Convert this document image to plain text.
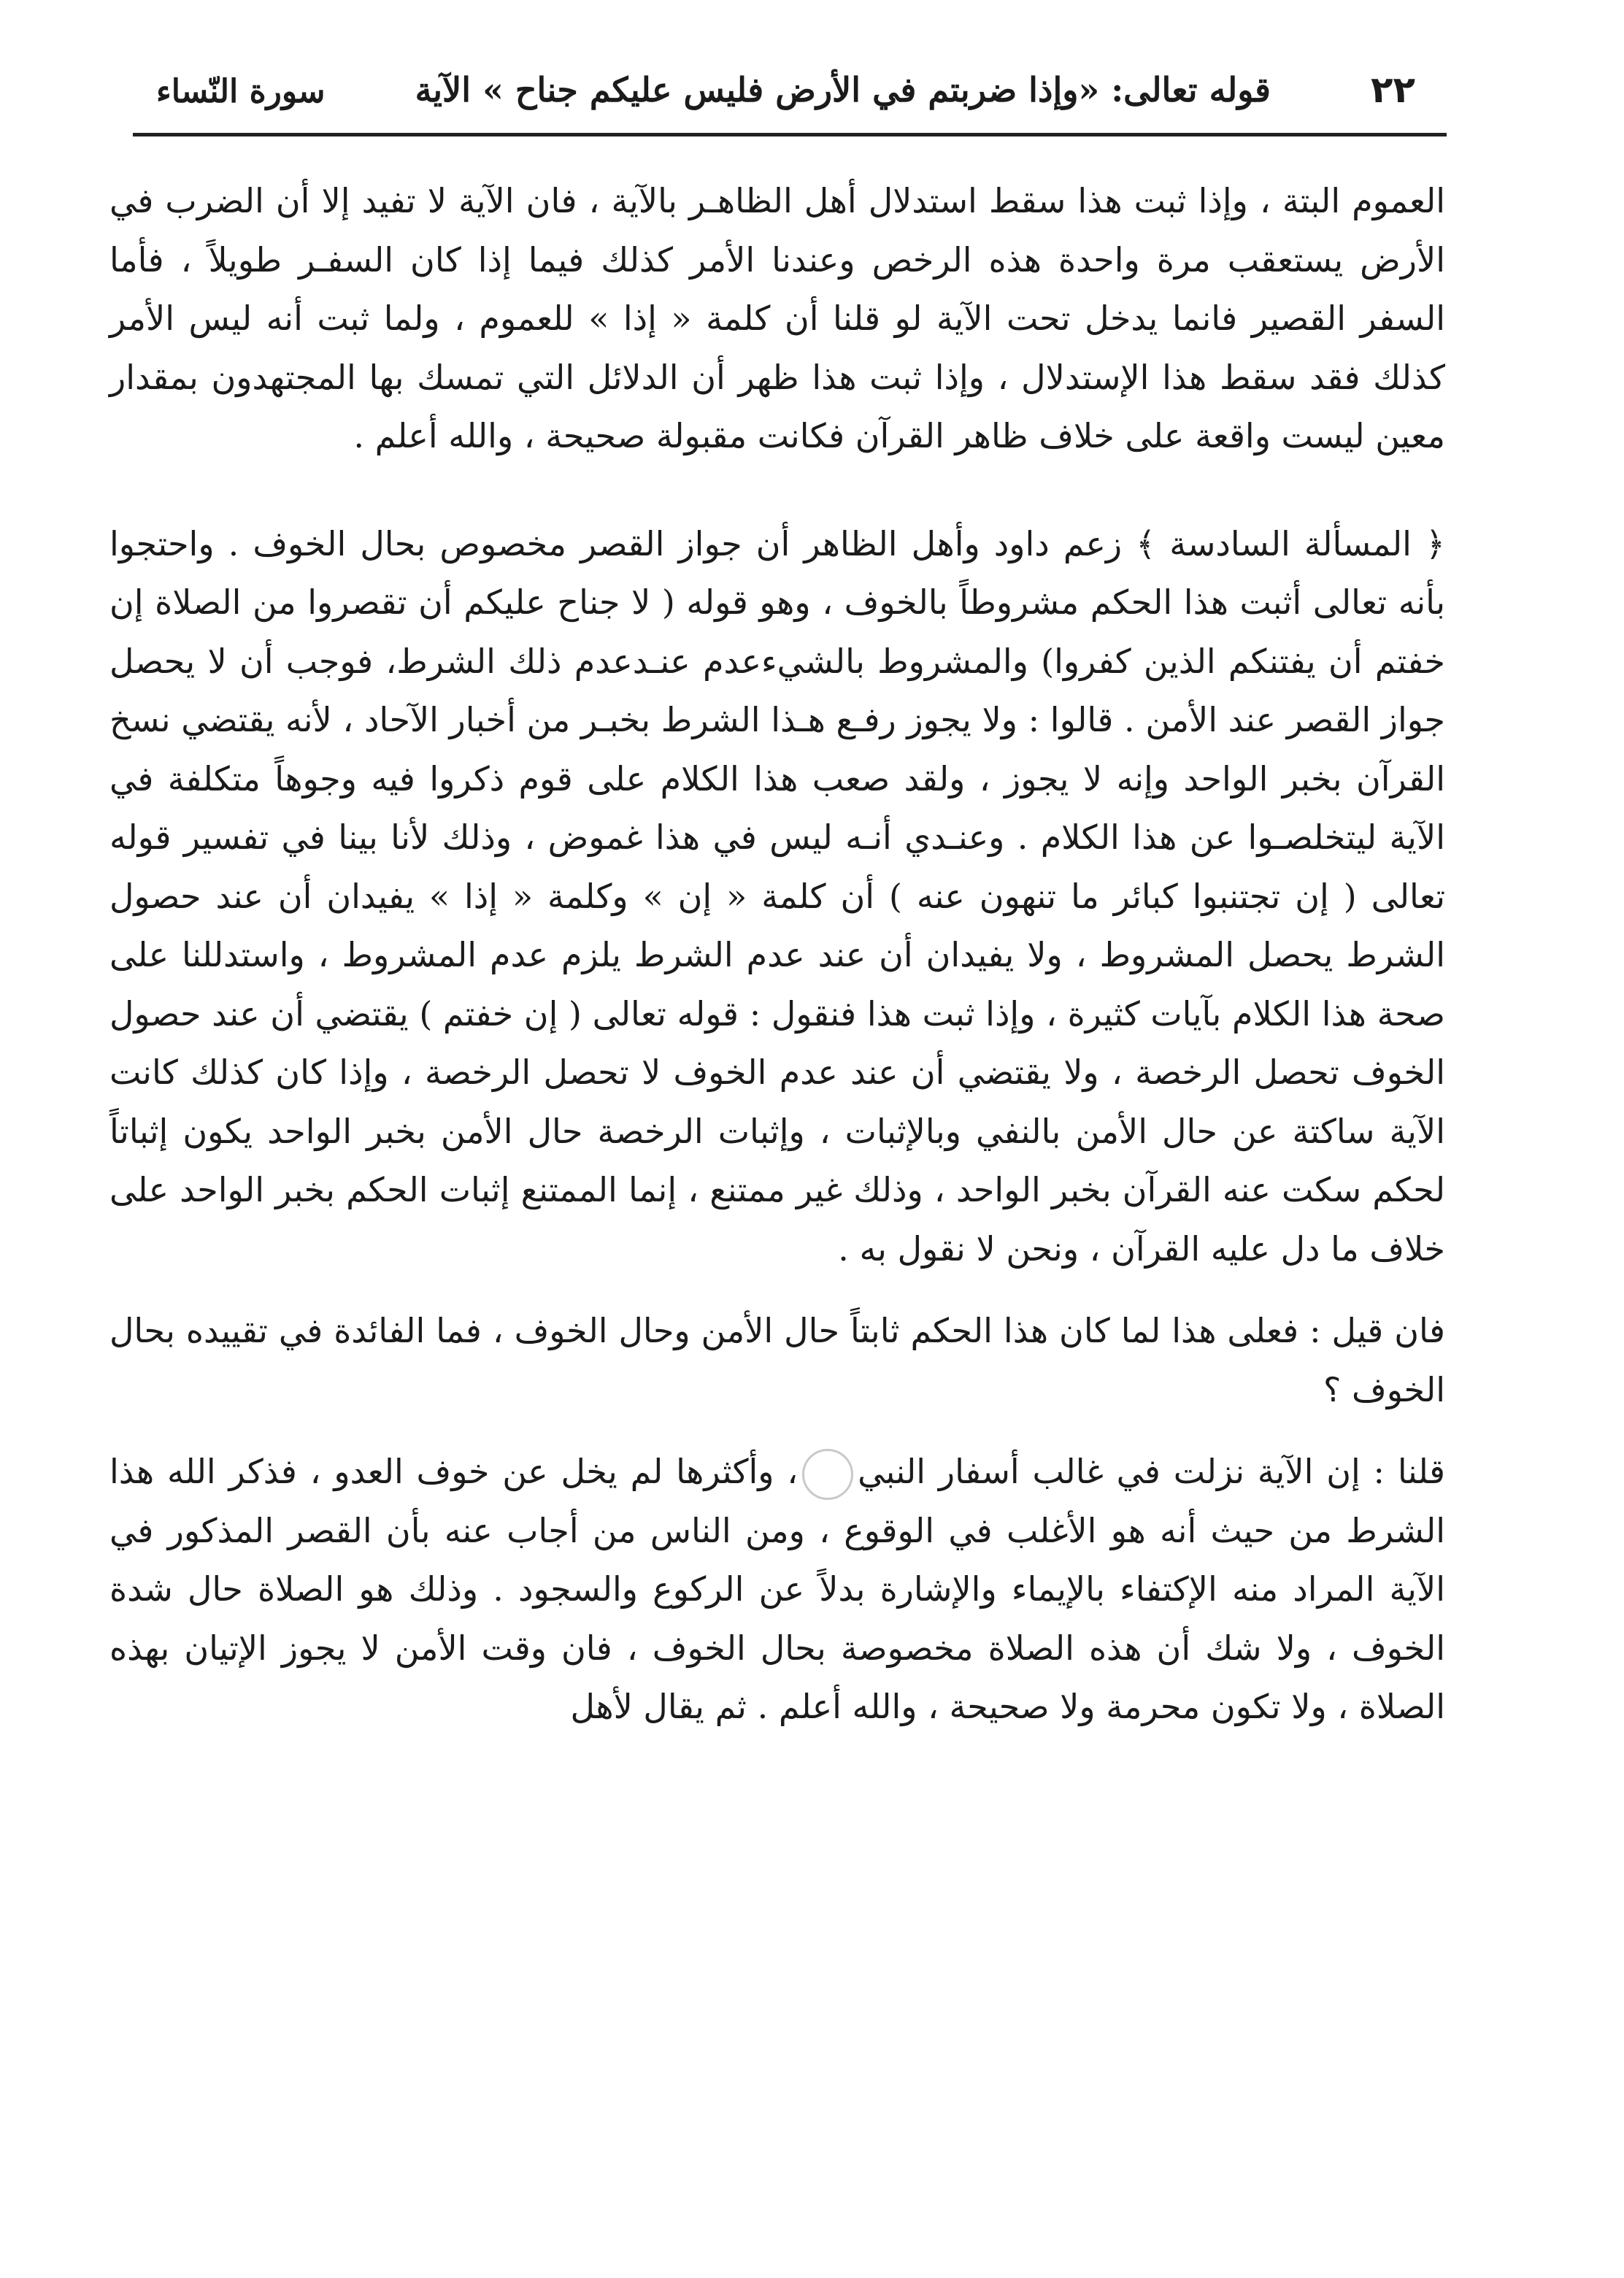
٢٢
قوله تعالى: «وإذا ضربتم في الأرض فليس عليكم جناح » الآية
سورة النّساء

العموم البتة ، وإذا ثبت هذا سقط استدلال أهل الظاهـر بالآية ، فان الآية لا تفيد إلا أن الضرب في الأرض يستعقب مرة واحدة هذه الرخص وعندنا الأمر كذلك فيما إذا كان السفـر طويلاً ، فأما السفر القصير فانما يدخل تحت الآية لو قلنا أن كلمة « إذا » للعموم ، ولما ثبت أنه ليس الأمر كذلك فقد سقط هذا الإستدلال ، وإذا ثبت هذا ظهر أن الدلائل التي تمسك بها المجتهدون بمقدار معين ليست واقعة على خلاف ظاهر القرآن فكانت مقبولة صحيحة ، والله أعلم .

﴿ المسألة السادسة ﴾ زعم داود وأهل الظاهر أن جواز القصر مخصوص بحال الخوف . واحتجوا بأنه تعالى أثبت هذا الحكم مشروطاً بالخوف ، وهو قوله ( لا جناح عليكم أن تقصروا من الصلاة إن خفتم أن يفتنكم الذين كفروا) والمشروط بالشيءعدم عنـدعدم ذلك الشرط، فوجب أن لا يحصل جواز القصر عند الأمن . قالوا : ولا يجوز رفـع هـذا الشرط بخبـر من أخبار الآحاد ، لأنه يقتضي نسخ القرآن بخبر الواحد وإنه لا يجوز ، ولقد صعب هذا الكلام على قوم ذكروا فيه وجوهاً متكلفة في الآية ليتخلصـوا عن هذا الكلام . وعنـدي أنـه ليس في هذا غموض ، وذلك لأنا بينا في تفسير قوله تعالى ( إن تجتنبوا كبائر ما تنهون عنه ) أن كلمة « إن » وكلمة « إذا » يفيدان أن عند حصول الشرط يحصل المشروط ، ولا يفيدان أن عند عدم الشرط يلزم عدم المشروط ، واستدللنا على صحة هذا الكلام بآيات كثيرة ، وإذا ثبت هذا فنقول : قوله تعالى ( إن خفتم ) يقتضي أن عند حصول الخوف تحصل الرخصة ، ولا يقتضي أن عند عدم الخوف لا تحصل الرخصة ، وإذا كان كذلك كانت الآية ساكتة عن حال الأمن بالنفي وبالإثبات ، وإثبات الرخصة حال الأمن بخبر الواحد يكون إثباتاً لحكم سكت عنه القرآن بخبر الواحد ، وذلك غير ممتنع ، إنما الممتنع إثبات الحكم بخبر الواحد على خلاف ما دل عليه القرآن ، ونحن لا نقول به .

فان قيل : فعلى هذا لما كان هذا الحكم ثابتاً حال الأمن وحال الخوف ، فما الفائدة في تقييده بحال الخوف ؟

قلنا : إن الآية نزلت في غالب أسفار النبي، وأكثرها لم يخل عن خوف العدو ، فذكر الله هذا الشرط من حيث أنه هو الأغلب في الوقوع ، ومن الناس من أجاب عنه بأن القصر المذكور في الآية المراد منه الإكتفاء بالإيماء والإشارة بدلاً عن الركوع والسجود . وذلك هو الصلاة حال شدة الخوف ، ولا شك أن هذه الصلاة مخصوصة بحال الخوف ، فان وقت الأمن لا يجوز الإتيان بهذه الصلاة ، ولا تكون محرمة ولا صحيحة ، والله أعلم . ثم يقال لأهل
